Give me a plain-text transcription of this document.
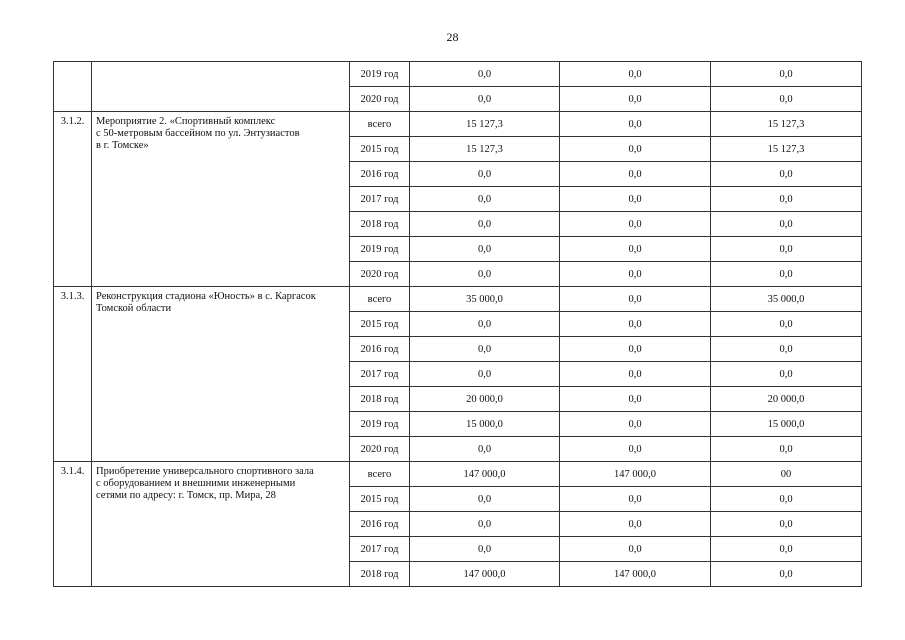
28
		2019 год	0,0	0,0	0,0
		2020 год	0,0	0,0	0,0
3.1.2.	Мероприятие 2. «Спортивный комплекс
с 50-метровым бассейном по ул. Энтузиастов
в г. Томске»	всего	15 127,3	0,0	15 127,3
		2015 год	15 127,3	0,0	15 127,3
		2016 год	0,0	0,0	0,0
		2017 год	0,0	0,0	0,0
		2018 год	0,0	0,0	0,0
		2019 год	0,0	0,0	0,0
		2020 год	0,0	0,0	0,0
3.1.3.	Реконструкция стадиона «Юность» в с. Каргасок
Томской области	всего	35 000,0	0,0	35 000,0
		2015 год	0,0	0,0	0,0
		2016 год	0,0	0,0	0,0
		2017 год	0,0	0,0	0,0
		2018 год	20 000,0	0,0	20 000,0
		2019 год	15 000,0	0,0	15 000,0
		2020 год	0,0	0,0	0,0
3.1.4.	Приобретение универсального спортивного зала
с оборудованием и внешними инженерными
сетями по адресу: г. Томск, пр. Мира, 28	всего	147 000,0	147 000,0	00
		2015 год	0,0	0,0	0,0
		2016 год	0,0	0,0	0,0
		2017 год	0,0	0,0	0,0
		2018 год	147 000,0	147 000,0	0,0
